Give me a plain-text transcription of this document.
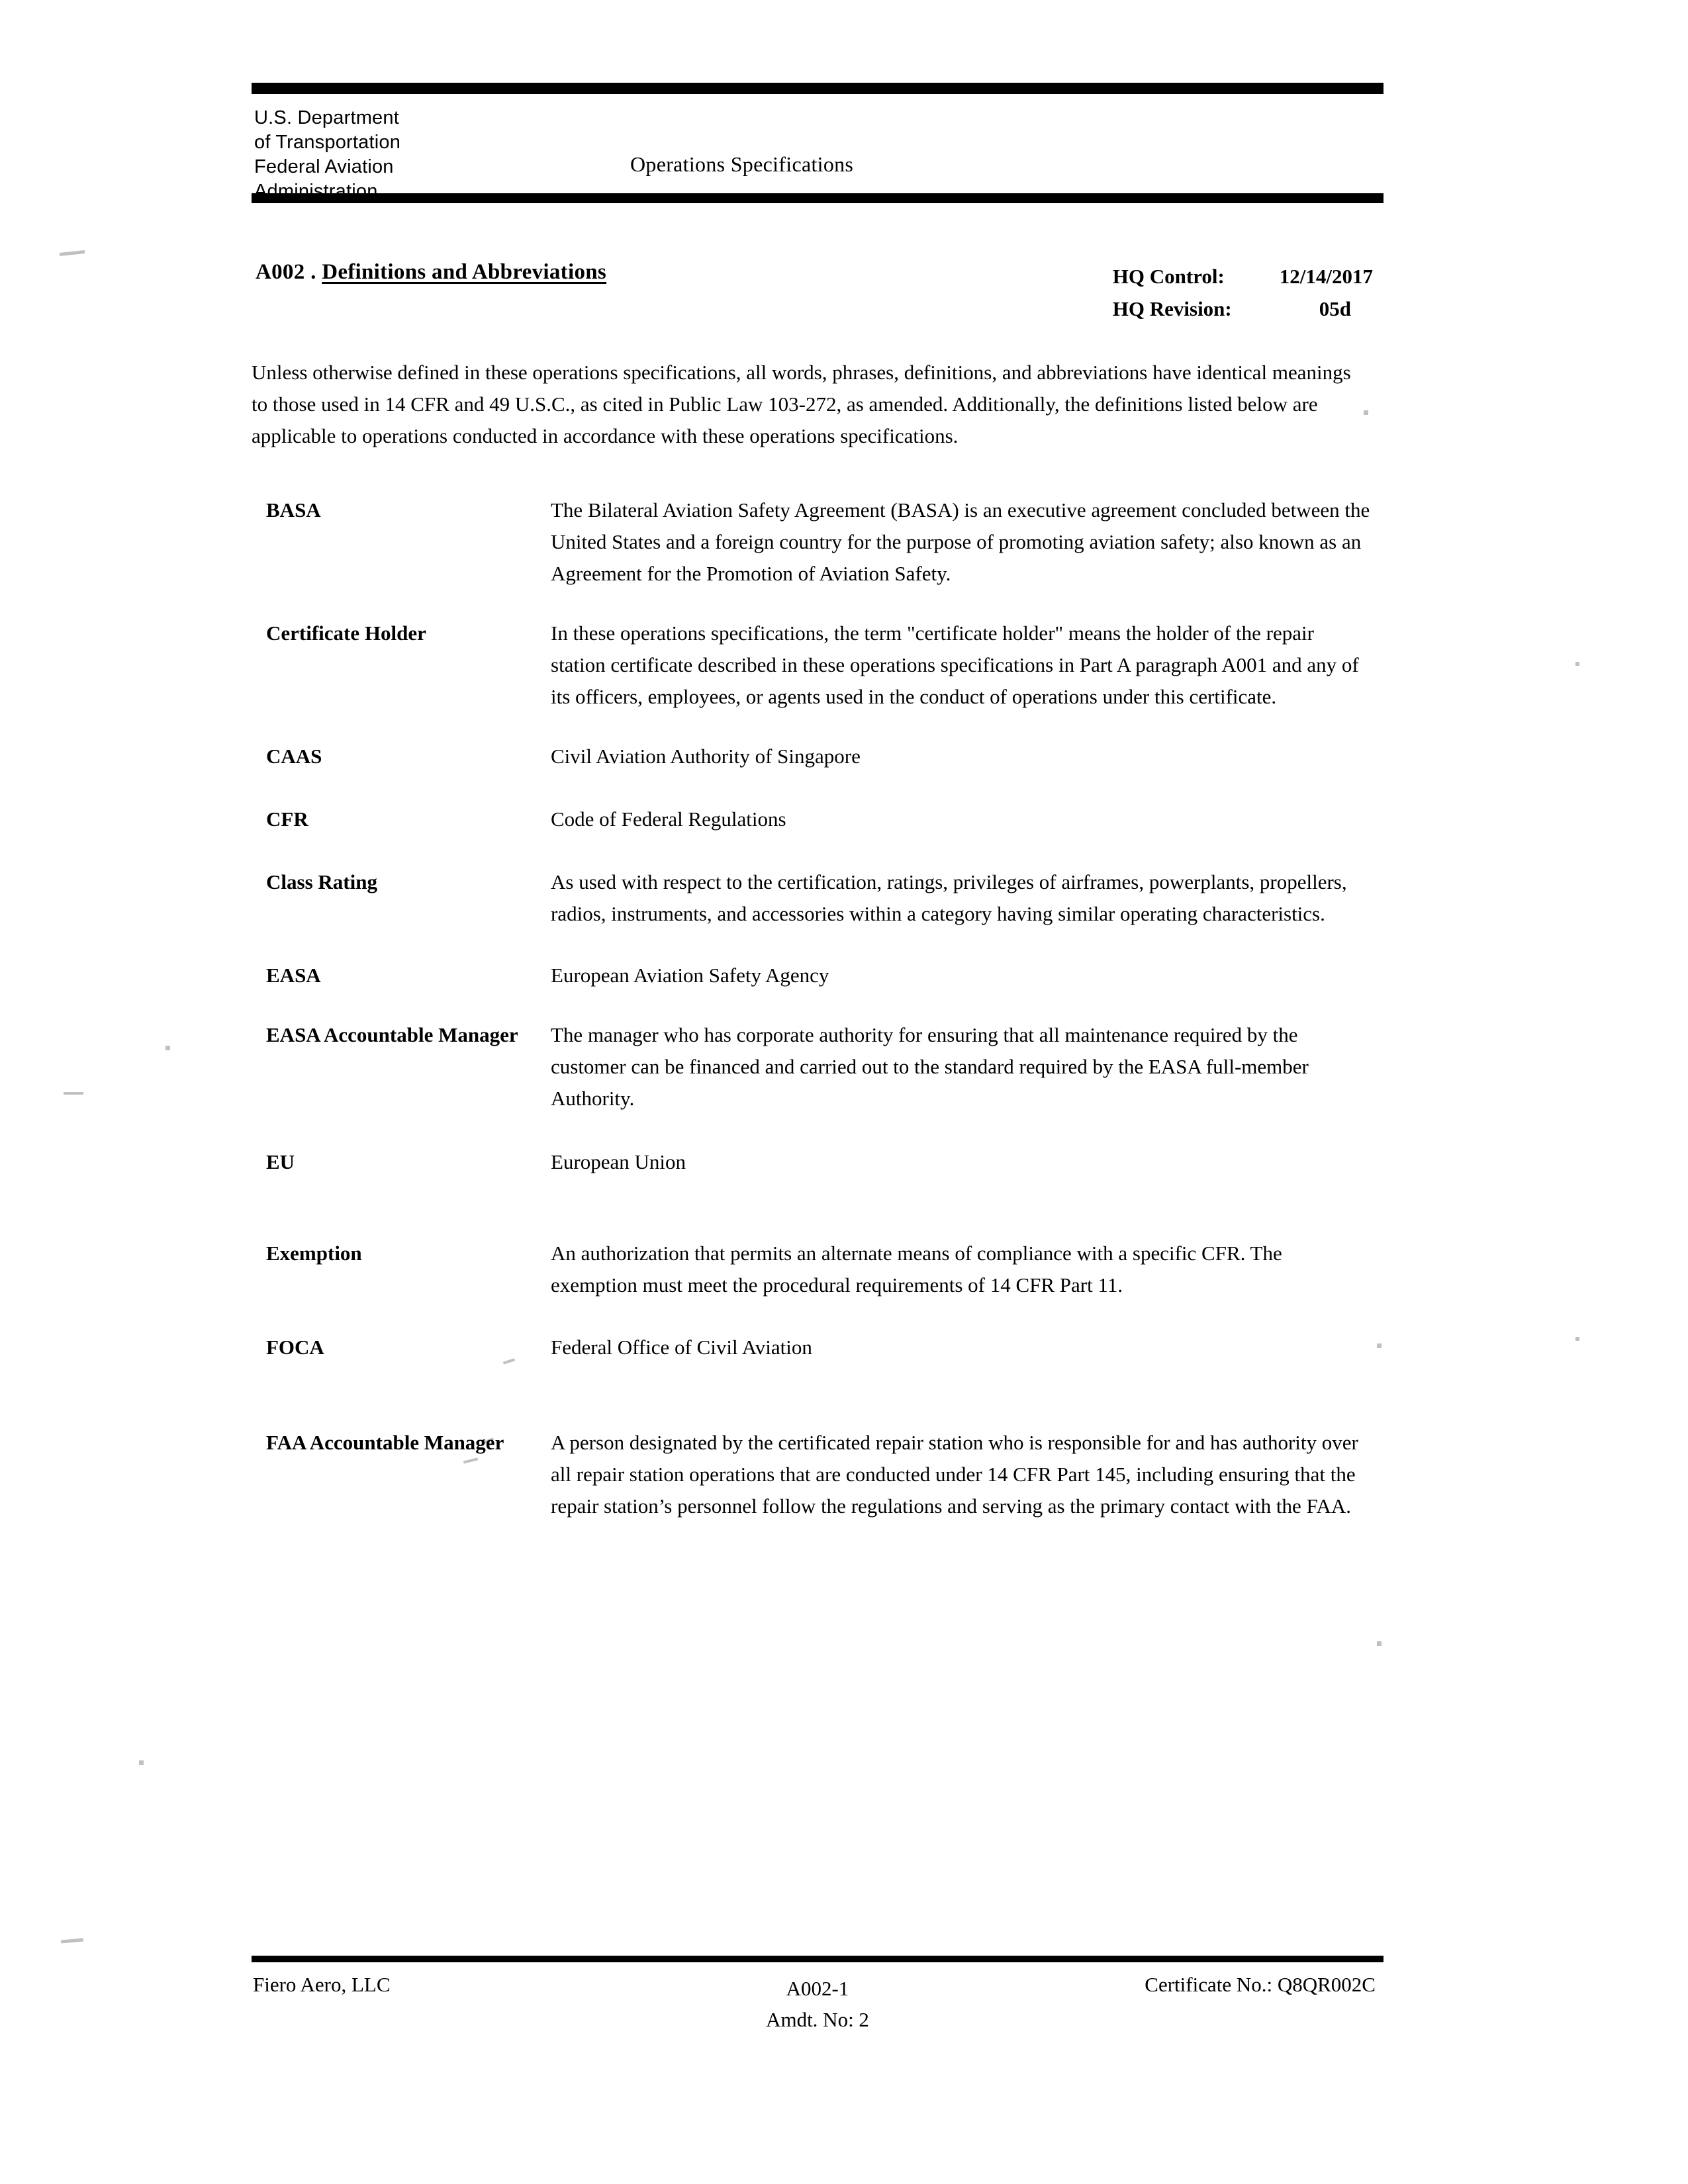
U.S. Department
of Transportation
Federal Aviation
Administration
Operations Specifications
A002 . Definitions and Abbreviations	HQ Control:	12/14/2017
HQ Revision:	05d

Unless otherwise defined in these operations specifications, all words, phrases, definitions, and abbreviations have identical meanings to those used in 14 CFR and 49 U.S.C., as cited in Public Law 103-272, as amended. Additionally, the definitions listed below are applicable to operations conducted in accordance with these operations specifications.

BASA	The Bilateral Aviation Safety Agreement (BASA) is an executive agreement concluded between the United States and a foreign country for the purpose of promoting aviation safety; also known as an Agreement for the Promotion of Aviation Safety.
Certificate Holder	In these operations specifications, the term "certificate holder" means the holder of the repair station certificate described in these operations specifications in Part A paragraph A001 and any of its officers, employees, or agents used in the conduct of operations under this certificate.
CAAS	Civil Aviation Authority of Singapore
CFR	Code of Federal Regulations
Class Rating	As used with respect to the certification, ratings, privileges of airframes, powerplants, propellers, radios, instruments, and accessories within a category having similar operating characteristics.
EASA	European Aviation Safety Agency
EASA Accountable Manager	The manager who has corporate authority for ensuring that all maintenance required by the customer can be financed and carried out to the standard required by the EASA full-member Authority.
EU	European Union
Exemption	An authorization that permits an alternate means of compliance with a specific CFR. The exemption must meet the procedural requirements of 14 CFR Part 11.
FOCA	Federal Office of Civil Aviation
FAA Accountable Manager	A person designated by the certificated repair station who is responsible for and has authority over all repair station operations that are conducted under 14 CFR Part 145, including ensuring that the repair station’s personnel follow the regulations and serving as the primary contact with the FAA.
Fiero Aero, LLC	A002-1
Amdt. No: 2
Certificate No.: Q8QR002C
